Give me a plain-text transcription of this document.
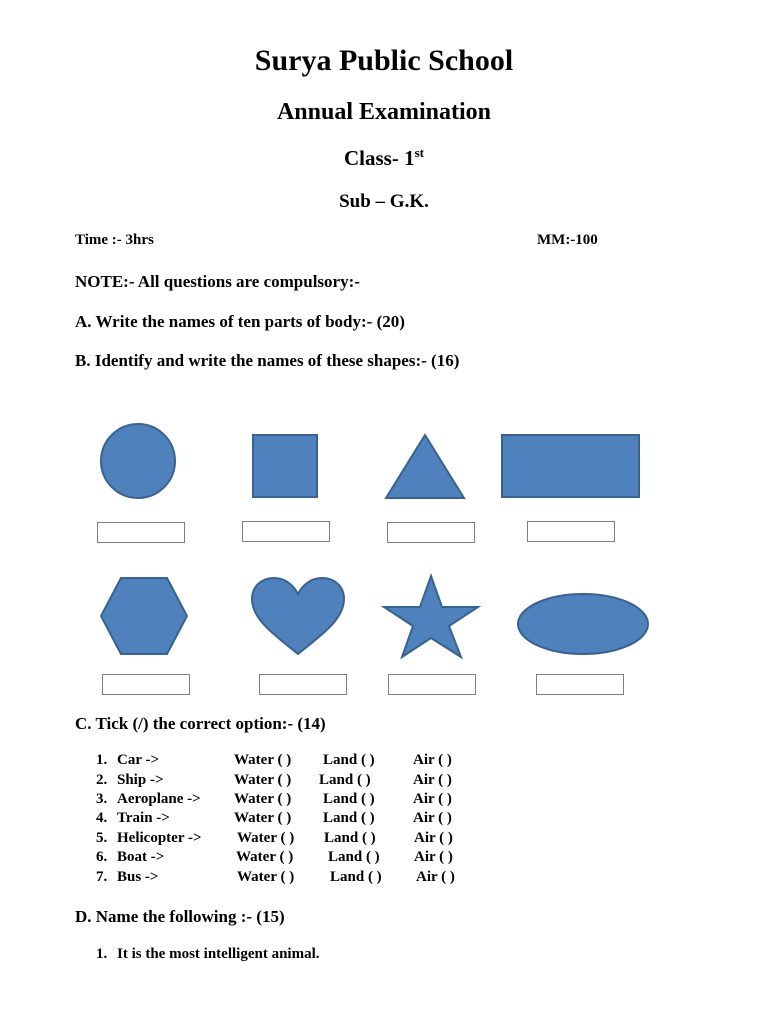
Surya Public School
Annual Examination
Class- 1st
Sub – G.K.
Time :- 3hrs	MM:-100
NOTE:- All questions are compulsory:-
A. Write the names of ten parts of body:- (20)
B. Identify and write the names of these shapes:- (16)
C. Tick (/) the correct option:- (14)
1. Car ->	Water ( ) Land ( )	Air ( )
2. Ship ->	Water ( ) Land ( )	Air ( )
3. Aeroplane -> Water ( ) Land ( )	Air ( )
4. Train ->	Water ( ) Land ( )	Air ( )
5. Helicopter -> Water ( ) Land ( )	Air ( )
6. Boat ->	Water ( ) Land ( ) Air ( )
7. Bus ->	Water ( ) Land ( ) Air ( )
D. Name the following :- (15)
1. It is the most intelligent animal.
